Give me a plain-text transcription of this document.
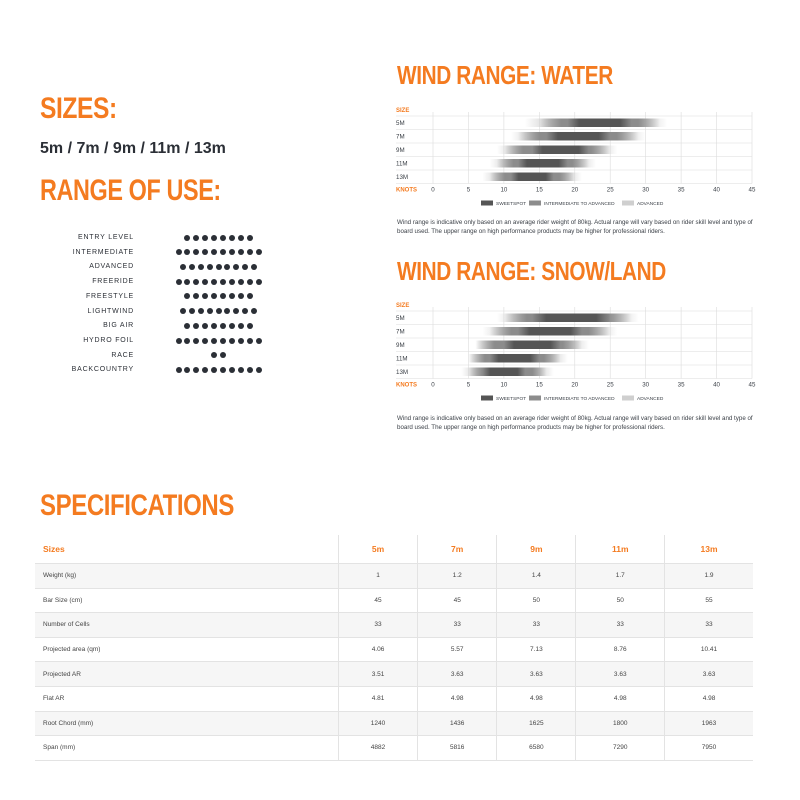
SIZES:
5m / 7m / 9m / 11m / 13m
RANGE OF USE:
ENTRY LEVEL
INTERMEDIATE
ADVANCED
FREERIDE
FREESTYLE
LIGHTWIND
BIG AIR
HYDRO FOIL
RACE
BACKCOUNTRY
WIND RANGE: WATER
SIZE
5M
7M
9M
11M
13M
KNOTS 0	5	10	15	20	25	30	35	40	45
SWEETSPOT	INTERMEDIATE TO ADVANCED	ADVANCED
Wind range is indicative only based on an average rider weight of 80kg. Actual range will vary based on rider skill level and type of board used. The upper range on high performance products may be higher for professional riders.
WIND RANGE: SNOW/LAND
SIZE
5M
7M
9M
11M
13M
KNOTS 0	5	10	15	20	25	30	35	40	45
SWEETSPOT	INTERMEDIATE TO ADVANCED	ADVANCED
Wind range is indicative only based on an average rider weight of 80kg. Actual range will vary based on rider skill level and type of board used. The upper range on high performance products may be higher for professional riders.
SPECIFICATIONS
Sizes	5m	7m	9m	11m	13m
Weight (kg)	1	1.2	1.4	1.7	1.9
Bar Size (cm)	45	45	50	50	55
Number of Cells	33	33	33	33	33
Projected area (qm)	4.06	5.57	7.13	8.76	10.41
Projected AR	3.51	3.63	3.63	3.63	3.63
Flat AR	4.81	4.98	4.98	4.98	4.98
Root Chord (mm)	1240	1436	1625	1800	1963
Span (mm)	4882	5816	6580	7290	7950
